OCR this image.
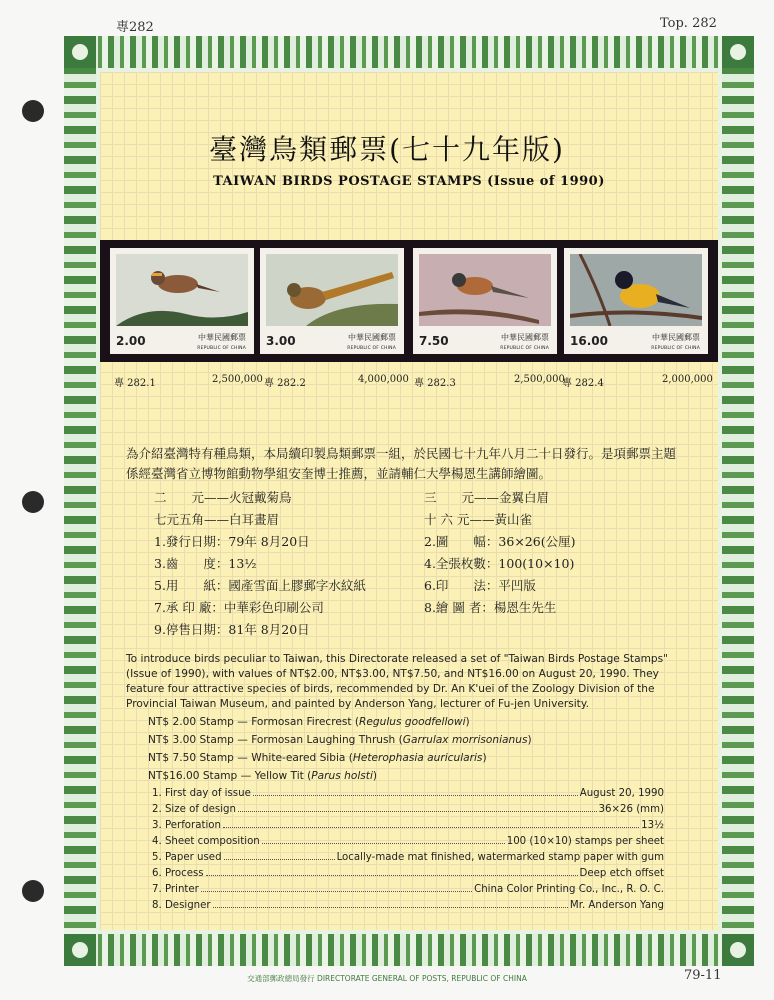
專282	Top. 282
臺灣鳥類郵票(七十九年版)
TAIWAN BIRDS POSTAGE STAMPS (Issue of 1990)
2.00	中華民國郵票
REPUBLIC OF CHINA
3.00	中華民國郵票
REPUBLIC OF CHINA
7.50	中華民國郵票
REPUBLIC OF CHINA
16.00	中華民國郵票
REPUBLIC OF CHINA
專 282.1	2,500,000 專 282.2	4,000,000 專 282.3	2,500,000
專 282.4	2,000,000
為介紹臺灣特有種鳥類，本局續印製鳥類郵票一組，於民國七十九年八月二十日發行。是項郵票主題係經臺灣省立博物館動物學組安奎博士推薦，並請輔仁大學楊恩生講師繪圖。
二　　元——火冠戴菊鳥	三　　元——金翼白眉
七元五角——白耳畫眉	十 六 元——黃山雀
1.發行日期：79年 8月20日	2.圖　　幅：36×26(公厘)
3.齒　　度：13½	4.全張枚數：100(10×10)
5.用　　紙：國產雪面上膠郵字水紋紙	6.印　　法：平凹版
7.承 印 廠：中華彩色印刷公司	8.繪 圖 者：楊恩生先生
9.停售日期：81年 8月20日
To introduce birds peculiar to Taiwan, this Directorate released a set of "Taiwan Birds Postage Stamps" (Issue of 1990), with values of NT$2.00, NT$3.00, NT$7.50, and NT$16.00 on August 20, 1990. They feature four attractive species of birds, recommended by Dr. An K'uei of the Zoology Division of the Provincial Taiwan Museum, and painted by Anderson Yang, lecturer of Fu-jen University.
NT$ 2.00 Stamp — Formosan Firecrest (Regulus goodfellowi)
NT$ 3.00 Stamp — Formosan Laughing Thrush (Garrulax morrisonianus)
NT$ 7.50 Stamp — White-eared Sibia (Heterophasia auricularis)
NT$16.00 Stamp — Yellow Tit (Parus holsti)
1. First day of issue	August 20, 1990
2. Size of design	36×26 (mm)
3. Perforation	13½
4. Sheet composition	100 (10×10) stamps per sheet
5. Paper used	Locally-made mat finished, watermarked stamp paper with gum
6. Process	Deep etch offset
7. Printer	China Color Printing Co., Inc., R. O. C.
8. Designer	Mr. Anderson Yang
交通部郵政總局發行 DIRECTORATE GENERAL OF POSTS, REPUBLIC OF CHINA	79-11
